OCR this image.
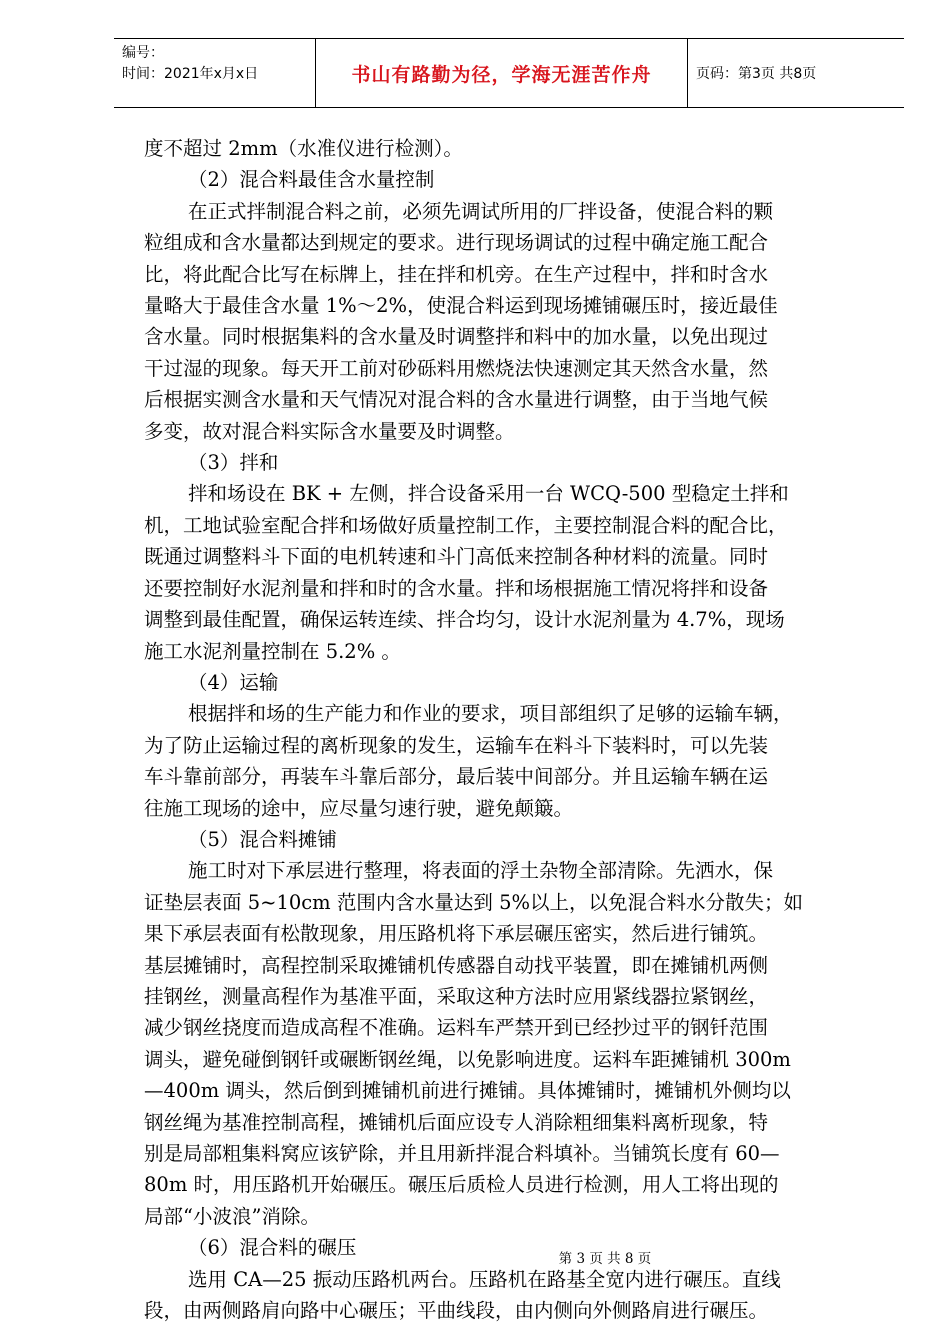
编号：
时间：2021年x月x日	书山有路勤为径，学海无涯苦作舟	页码：第3页 共8页

度不超过 2mm（水准仪进行检测）。

（2）混合料最佳含水量控制

在正式拌制混合料之前，必须先调试所用的厂拌设备，使混合料的颗

粒组成和含水量都达到规定的要求。进行现场调试的过程中确定施工配合

比，将此配合比写在标牌上，挂在拌和机旁。在生产过程中，拌和时含水

量略大于最佳含水量 1%～2%，使混合料运到现场摊铺碾压时，接近最佳

含水量。同时根据集料的含水量及时调整拌和料中的加水量，以免出现过

干过湿的现象。每天开工前对砂砾料用燃烧法快速测定其天然含水量，然

后根据实测含水量和天气情况对混合料的含水量进行调整，由于当地气候

多变，故对混合料实际含水量要及时调整。

（3）拌和

拌和场设在 BK + 左侧，拌合设备采用一台 WCQ-500 型稳定土拌和

机，工地试验室配合拌和场做好质量控制工作，主要控制混合料的配合比，

既通过调整料斗下面的电机转速和斗门高低来控制各种材料的流量。同时

还要控制好水泥剂量和拌和时的含水量。拌和场根据施工情况将拌和设备

调整到最佳配置，确保运转连续、拌合均匀，设计水泥剂量为 4.7%，现场

施工水泥剂量控制在 5.2% 。

（4）运输

根据拌和场的生产能力和作业的要求，项目部组织了足够的运输车辆，

为了防止运输过程的离析现象的发生，运输车在料斗下装料时，可以先装

车斗靠前部分，再装车斗靠后部分，最后装中间部分。并且运输车辆在运

往施工现场的途中，应尽量匀速行驶，避免颠簸。

（5）混合料摊铺

施工时对下承层进行整理，将表面的浮土杂物全部清除。先洒水，保

证垫层表面 5~10cm 范围内含水量达到 5%以上，以免混合料水分散失；如

果下承层表面有松散现象，用压路机将下承层碾压密实，然后进行铺筑。

基层摊铺时，高程控制采取摊铺机传感器自动找平装置，即在摊铺机两侧

挂钢丝，测量高程作为基准平面，采取这种方法时应用紧线器拉紧钢丝，

减少钢丝挠度而造成高程不准确。运料车严禁开到已经抄过平的钢钎范围

调头，避免碰倒钢钎或碾断钢丝绳，以免影响进度。运料车距摊铺机 300m

—400m 调头，然后倒到摊铺机前进行摊铺。具体摊铺时，摊铺机外侧均以

钢丝绳为基准控制高程，摊铺机后面应设专人消除粗细集料离析现象，特

别是局部粗集料窝应该铲除，并且用新拌混合料填补。当铺筑长度有 60—

80m 时，用压路机开始碾压。碾压后质检人员进行检测，用人工将出现的

局部“小波浪”消除。

（6）混合料的碾压

选用 CA—25 振动压路机两台。压路机在路基全宽内进行碾压。直线

段，由两侧路肩向路中心碾压；平曲线段，由内侧向外侧路肩进行碾压。

第 3 页 共 8 页
